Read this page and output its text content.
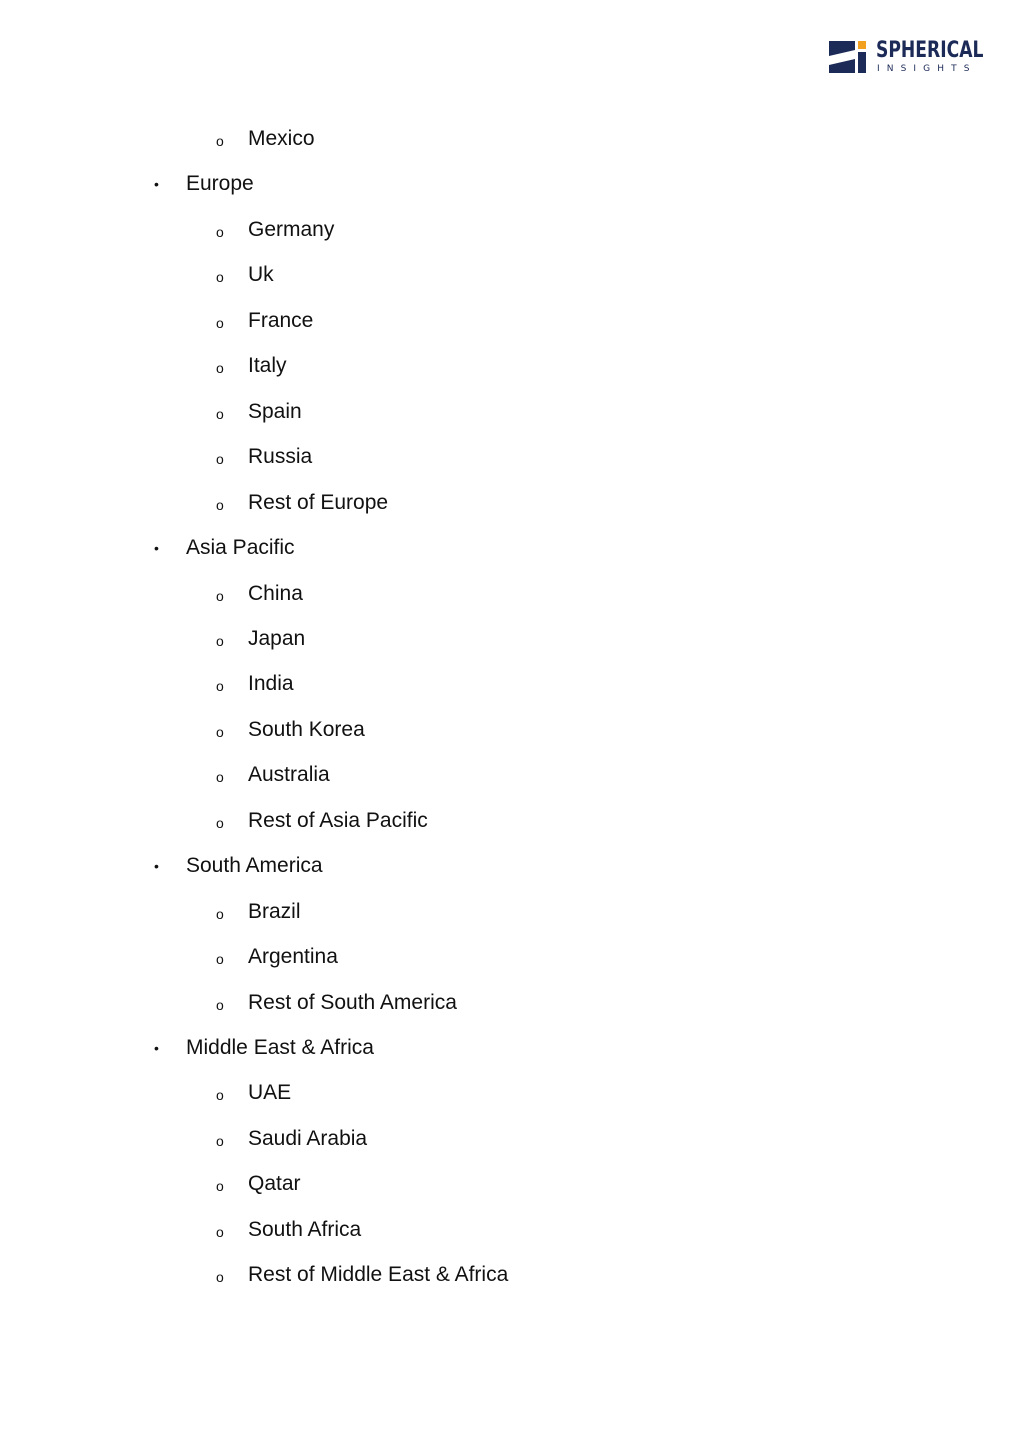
SPHERICAL
INSIGHTS
o Mexico
• Europe
o Germany
o Uk
o France
o Italy
o Spain
o Russia
o Rest of Europe
• Asia Pacific
o China
o Japan
o India
o South Korea
o Australia
o Rest of Asia Pacific
• South America
o Brazil
o Argentina
o Rest of South America
• Middle East & Africa
o UAE
o Saudi Arabia
o Qatar
o South Africa
o Rest of Middle East & Africa
